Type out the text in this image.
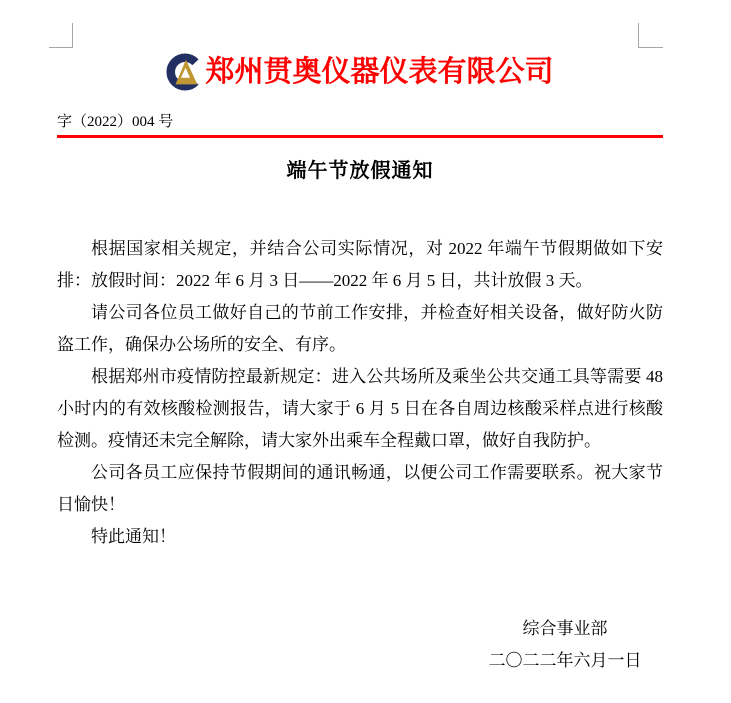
郑州贯奥仪器仪表有限公司
字（2022）004 号
端午节放假通知

根据国家相关规定，并结合公司实际情况，对 2022 年端午节假期做如下安排：放假时间：2022 年 6 月 3 日——2022 年 6 月 5 日，共计放假 3 天。

请公司各位员工做好自己的节前工作安排，并检查好相关设备，做好防火防盗工作，确保办公场所的安全、有序。

根据郑州市疫情防控最新规定：进入公共场所及乘坐公共交通工具等需要 48 小时内的有效核酸检测报告，请大家于 6 月 5 日在各自周边核酸采样点进行核酸检测。疫情还未完全解除，请大家外出乘车全程戴口罩，做好自我防护。

公司各员工应保持节假期间的通讯畅通，以便公司工作需要联系。祝大家节日愉快！

特此通知！

综合事业部
二〇二二年六月一日
